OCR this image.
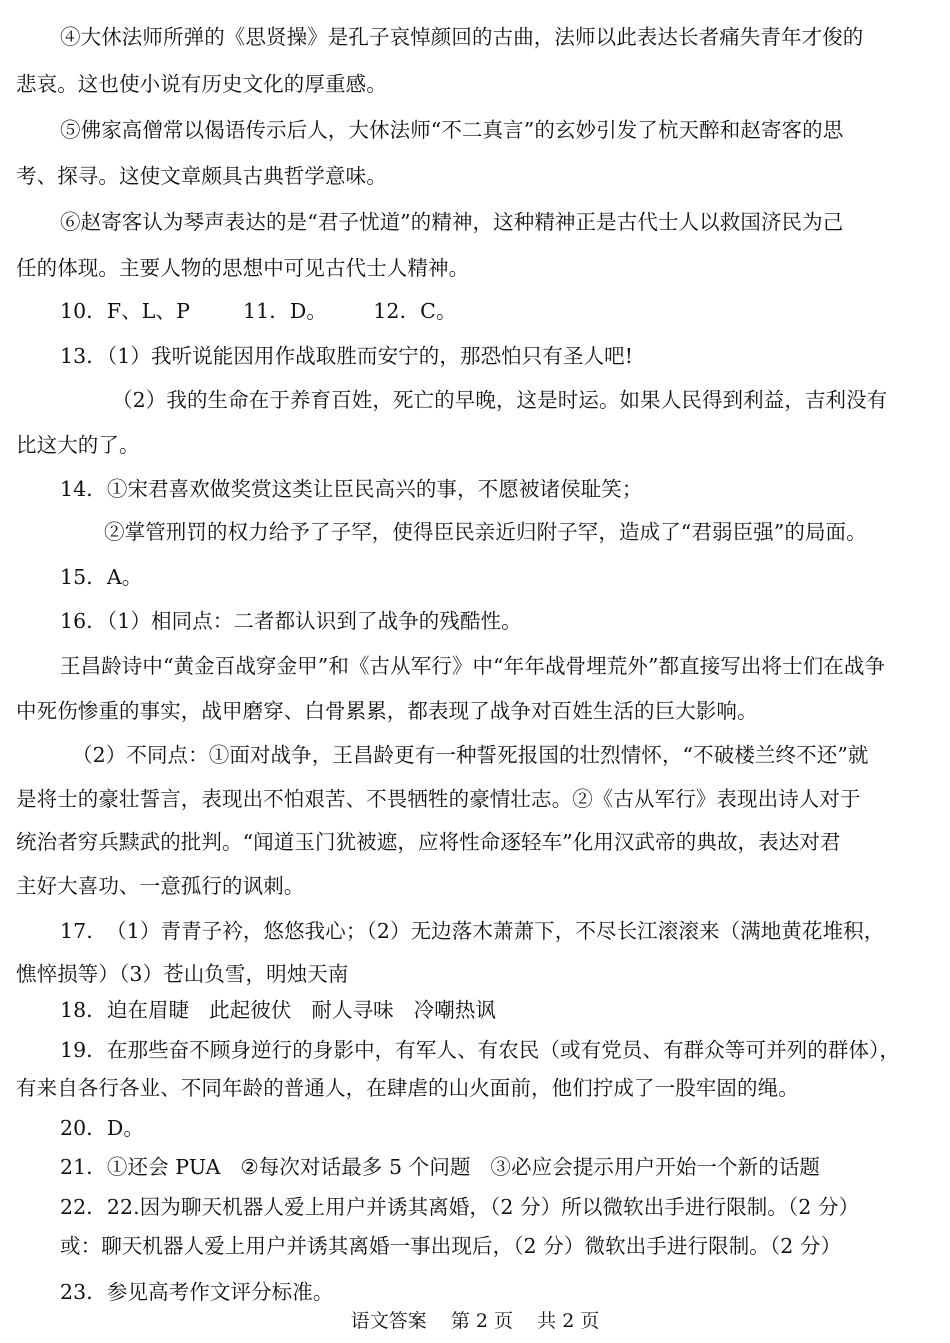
④大休法师所弹的《思贤操》是孔子哀悼颜回的古曲，法师以此表达长者痛失青年才俊的
悲哀。这也使小说有历史文化的厚重感。
⑤佛家高僧常以偈语传示后人，大休法师“不二真言”的玄妙引发了杭天醉和赵寄客的思
考、探寻。这使文章颇具古典哲学意味。
⑥赵寄客认为琴声表达的是“君子忧道”的精神，这种精神正是古代士人以救国济民为己
任的体现。主要人物的思想中可见古代士人精神。
10．F、L、P        11．D。       12．C。
13．（1）我听说能因用作战取胜而安宁的，那恐怕只有圣人吧!
（2）我的生命在于养育百姓，死亡的早晚，这是时运。如果人民得到利益，吉利没有
比这大的了。
14．①宋君喜欢做奖赏这类让臣民高兴的事，不愿被诸侯耻笑；
②掌管刑罚的权力给予了子罕，使得臣民亲近归附子罕，造成了“君弱臣强”的局面。
15．A。
16．（1）相同点：二者都认识到了战争的残酷性。
王昌龄诗中“黄金百战穿金甲”和《古从军行》中“年年战骨埋荒外”都直接写出将士们在战争
中死伤惨重的事实，战甲磨穿、白骨累累，都表现了战争对百姓生活的巨大影响。
（2）不同点：①面对战争，王昌龄更有一种誓死报国的壮烈情怀，“不破楼兰终不还”就
是将士的豪壮誓言，表现出不怕艰苦、不畏牺牲的豪情壮志。②《古从军行》表现出诗人对于
统治者穷兵黩武的批判。“闻道玉门犹被遮，应将性命逐轻车”化用汉武帝的典故，表达对君
主好大喜功、一意孤行的讽刺。
17.  （1）青青子衿，悠悠我心；（2）无边落木萧萧下，不尽长江滚滚来（满地黄花堆积，
憔悴损等）（3）苍山负雪，明烛天南
18．迫在眉睫   此起彼伏   耐人寻味   冷嘲热讽
19．在那些奋不顾身逆行的身影中，有军人、有农民（或有党员、有群众等可并列的群体），
有来自各行各业、不同年龄的普通人，在肆虐的山火面前，他们拧成了一股牢固的绳。
20．D。
21．①还会 PUA   ②每次对话最多 5 个问题   ③必应会提示用户开始一个新的话题
22．22.因为聊天机器人爱上用户并诱其离婚，（2 分）所以微软出手进行限制。（2 分）
或：聊天机器人爱上用户并诱其离婚一事出现后，（2 分）微软出手进行限制。（2 分）
23．参见高考作文评分标准。
语文答案    第 2 页    共 2 页
